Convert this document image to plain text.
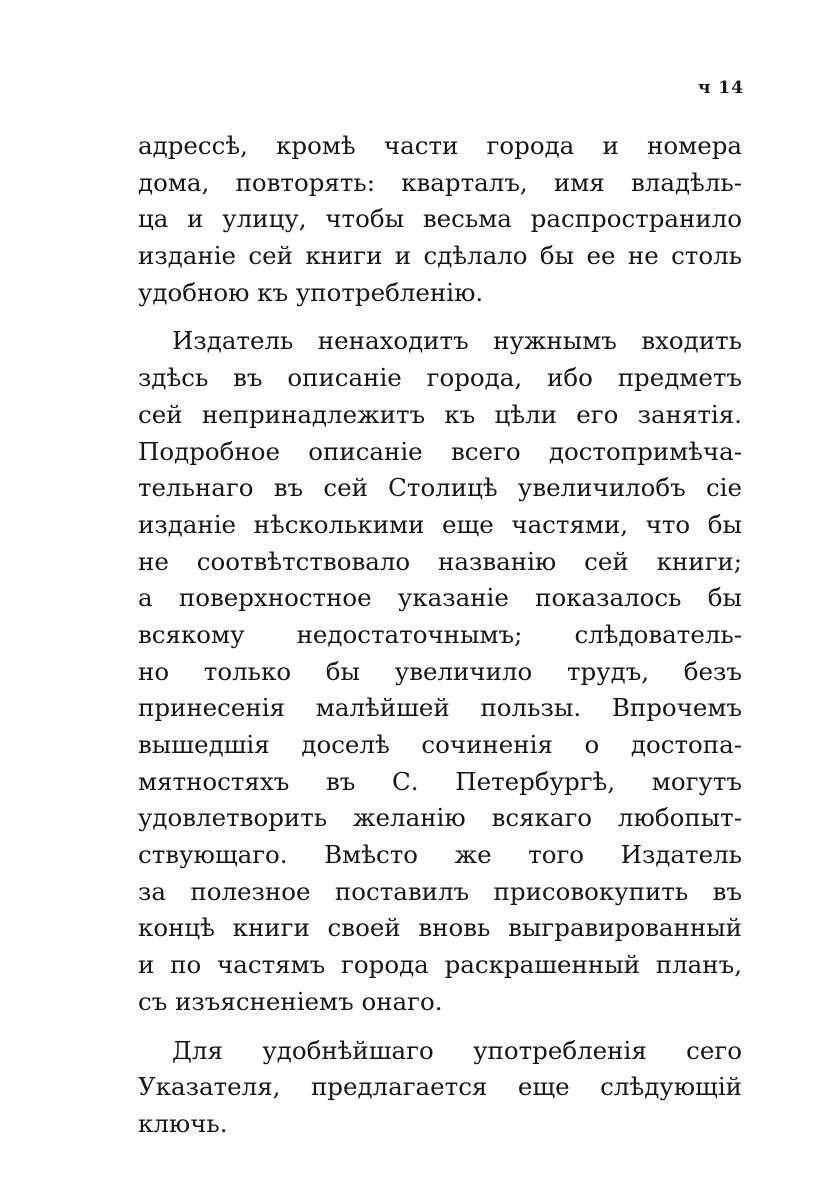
ч 14
адрессѣ, кромѣ части города и номера
дома, повторять: кварталъ, имя владѣль-
ца и улицу, чтобы весьма распространило
изданіе сей книги и сдѣлало бы ее не столь
удобною къ употребленію.
Издатель ненаходитъ нужнымъ входить
здѣсь въ описаніе города, ибо предметъ
сей непринадлежитъ къ цѣли его занятія.
Подробное описаніе всего достопримѣча-
тельнаго въ сей Столицѣ увеличилобъ сіе
изданіе нѣсколькими еще частями, что бы
не соотвѣтствовало названію сей книги;
а поверхностное указаніе показалось бы
всякому недостаточнымъ; слѣдователь-
но только бы увеличило трудъ, безъ
принесенія малѣйшей пользы. Впрочемъ
вышедшія доселѣ сочиненія о достопа-
мятностяхъ въ С. Петербургѣ, могутъ
удовлетворить желанію всякаго любопыт-
ствующаго. Вмѣсто же того Издатель
за полезное поставилъ присовокупить въ
концѣ книги своей вновь выгравированный
и по частямъ города раскрашенный планъ,
съ изъясненіемъ онаго.
Для удобнѣйшаго употребленія сего
Указателя, предлагается еще слѣдующій
ключь.
